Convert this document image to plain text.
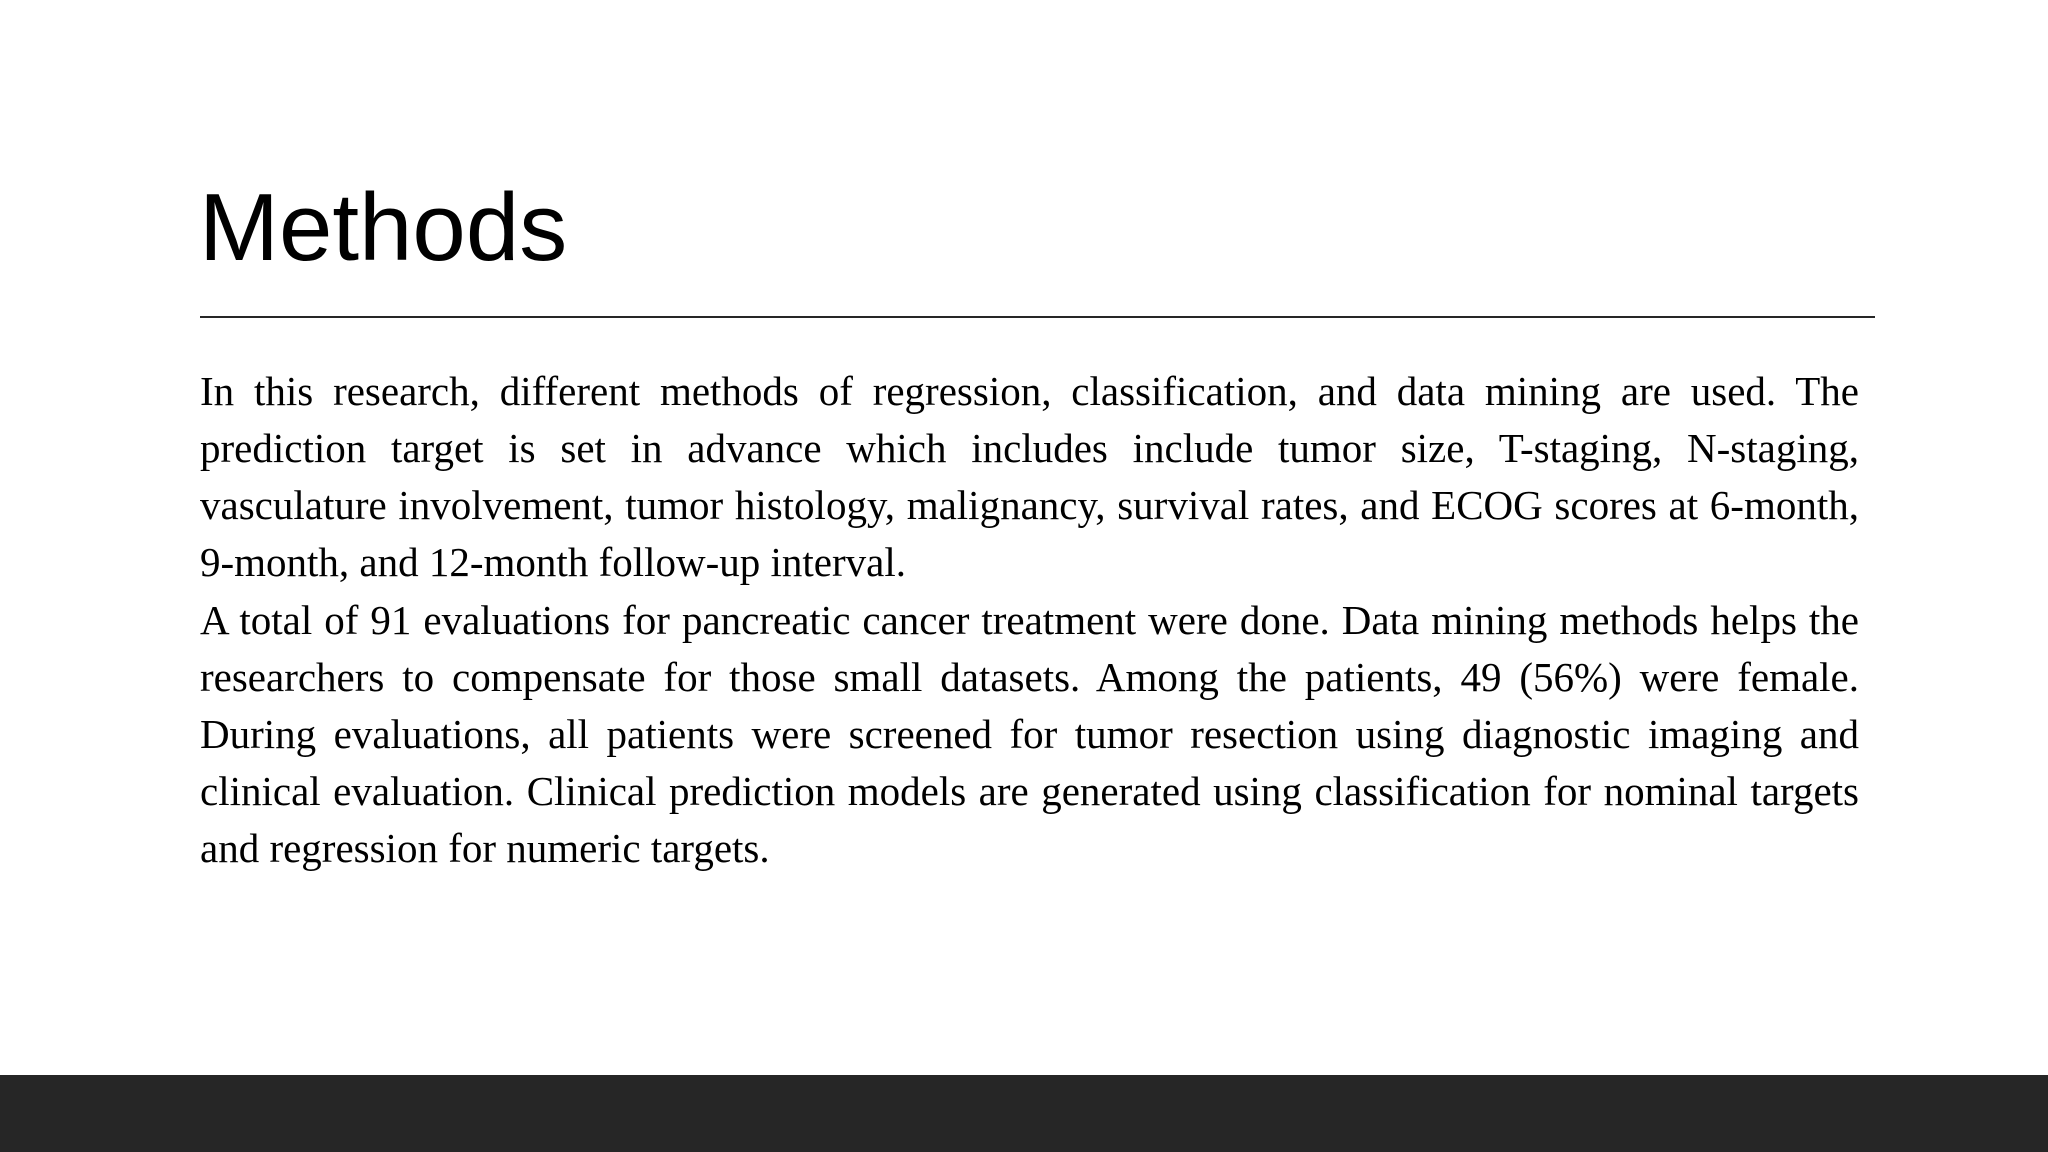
Methods

In this research, different methods of regression, classification, and data mining are used. The prediction target is set in advance which includes include tumor size, T-staging, N-staging, vasculature involvement, tumor histology, malignancy, survival rates, and ECOG scores at 6-month, 9-month, and 12-month follow-up interval.

A total of 91 evaluations for pancreatic cancer treatment were done. Data mining methods helps the researchers to compensate for those small datasets. Among the patients, 49 (56%) were female. During evaluations, all patients were screened for tumor resection using diagnostic imaging and clinical evaluation. Clinical prediction models are generated using classification for nominal targets and regression for numeric targets.
